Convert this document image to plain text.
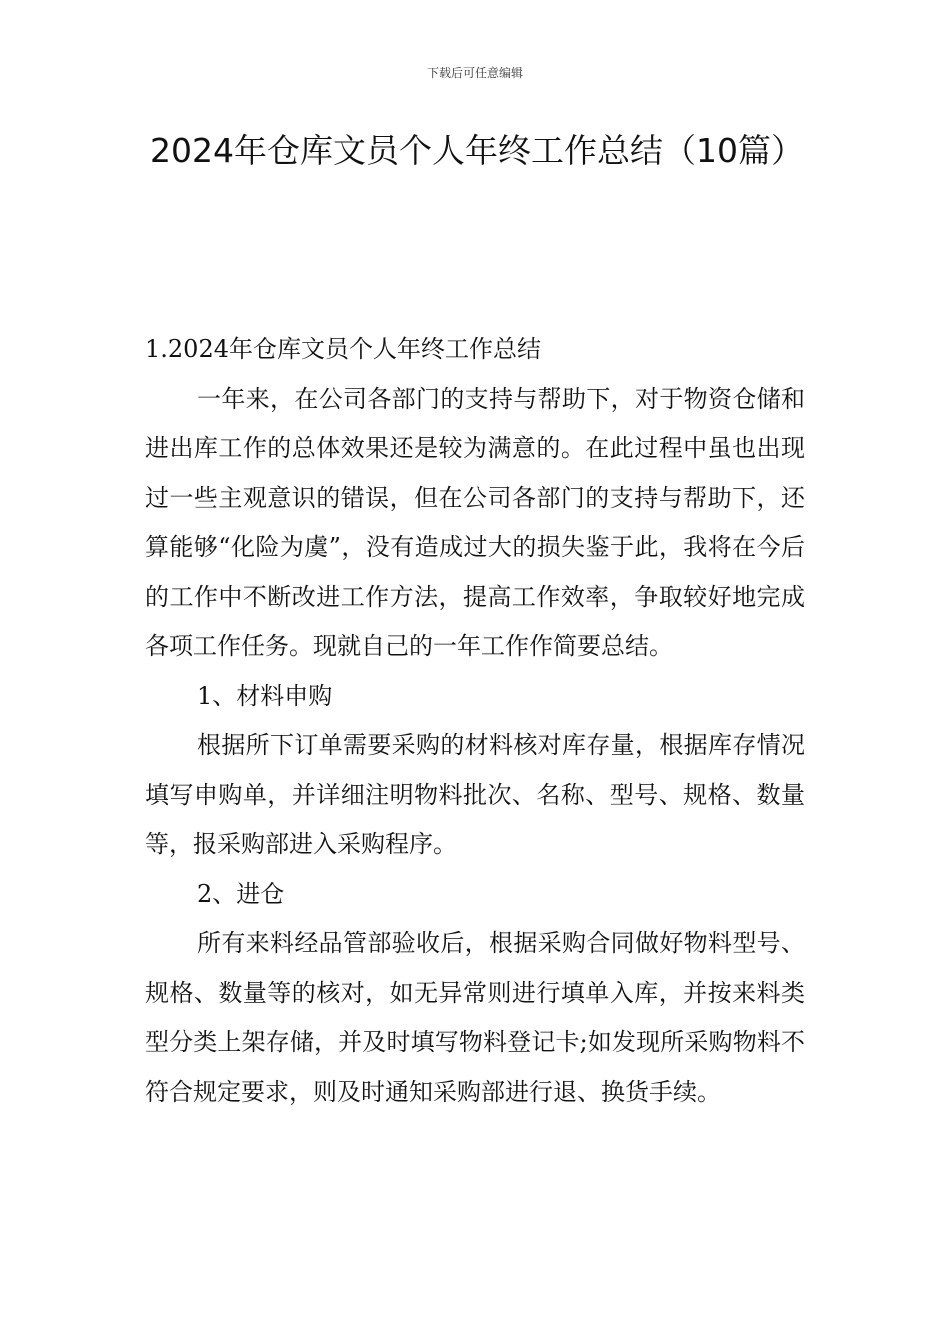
下载后可任意编辑
2024年仓库文员个人年终工作总结（10篇）

1.2024年仓库文员个人年终工作总结

一年来，在公司各部门的支持与帮助下，对于物资仓储和进出库工作的总体效果还是较为满意的。在此过程中虽也出现过一些主观意识的错误，但在公司各部门的支持与帮助下，还算能够“化险为虞”，没有造成过大的损失鉴于此，我将在今后的工作中不断改进工作方法，提高工作效率，争取较好地完成各项工作任务。现就自己的一年工作作简要总结。

1、材料申购

根据所下订单需要采购的材料核对库存量，根据库存情况填写申购单，并详细注明物料批次、名称、型号、规格、数量等，报采购部进入采购程序。

2、进仓

所有来料经品管部验收后，根据采购合同做好物料型号、规格、数量等的核对，如无异常则进行填单入库，并按来料类型分类上架存储，并及时填写物料登记卡;如发现所采购物料不符合规定要求，则及时通知采购部进行退、换货手续。
